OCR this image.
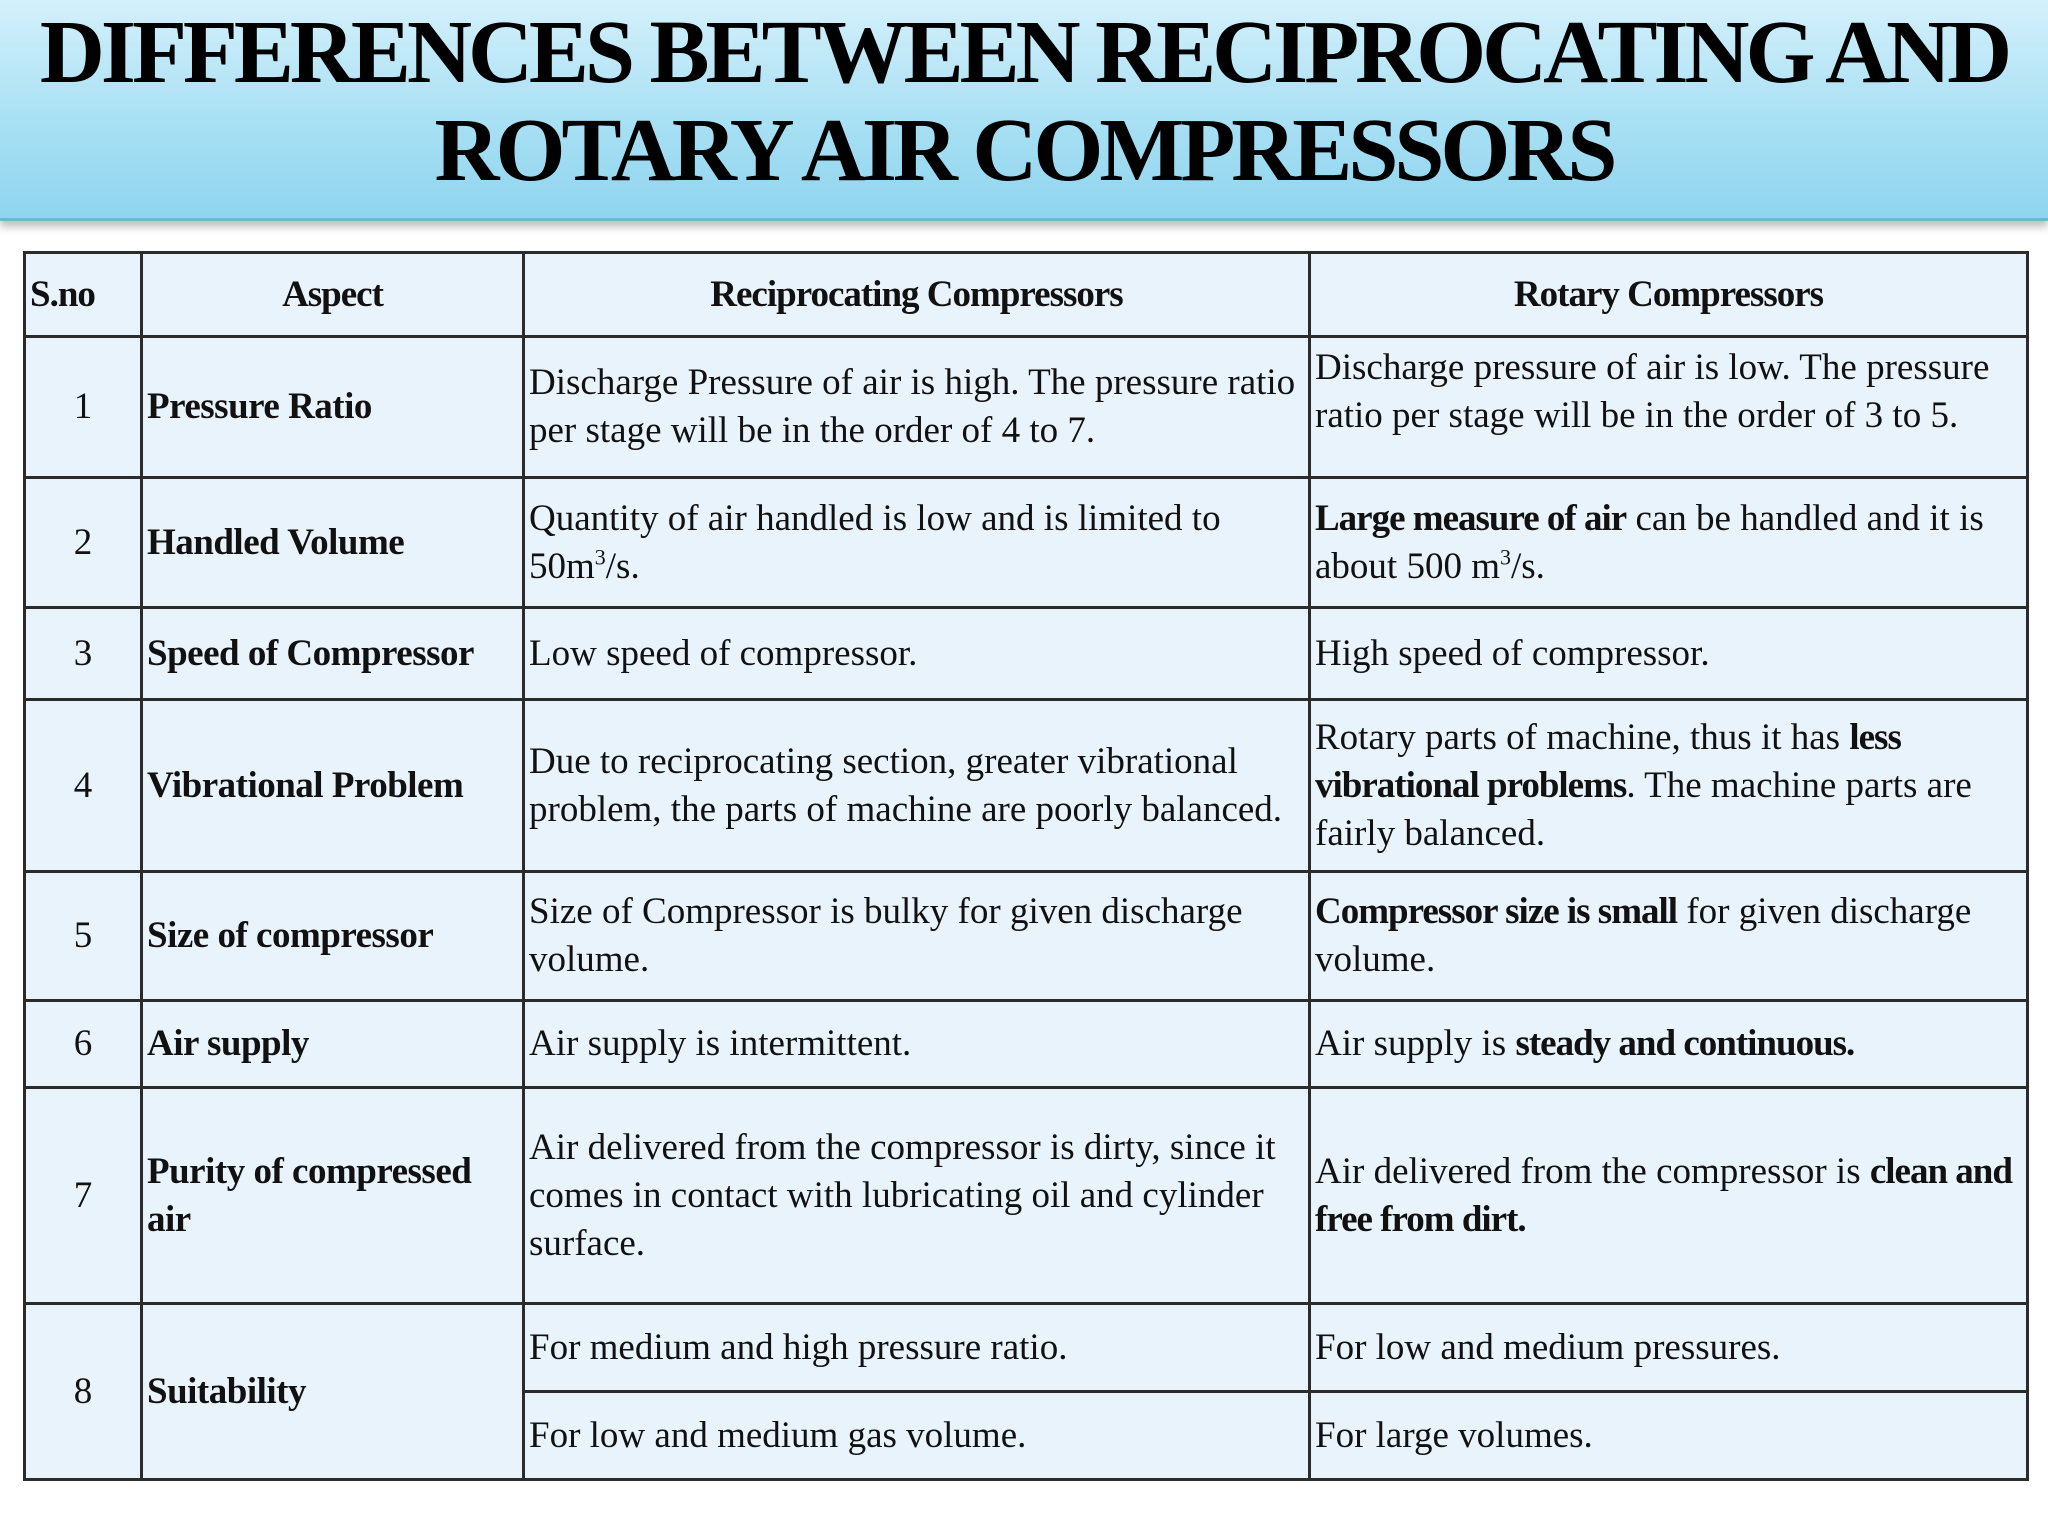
DIFFERENCES BETWEEN RECIPROCATING AND
ROTARY AIR COMPRESSORS
S.no	Aspect	Reciprocating Compressors	Rotary Compressors
1	Pressure Ratio	Discharge Pressure of air is high. The pressure ratio per stage will be in the order of 4 to 7.	Discharge pressure of air is low. The pressure ratio per stage will be in the order of 3 to 5.
2	Handled Volume	Quantity of air handled is low and is limited to $50m^3/s$.	Large measure of air can be handled and it is about 500 $m^3/s$.
3	Speed of Compressor	Low speed of compressor.	High speed of compressor.
4	Vibrational Problem	Due to reciprocating section, greater vibrational problem, the parts of machine are poorly balanced.	Rotary parts of machine, thus it has less vibrational problems. The machine parts are fairly balanced.
5	Size of compressor	Size of Compressor is bulky for given discharge volume.	Compressor size is small for given discharge volume.
6	Air supply	Air supply is intermittent.	Air supply is steady and continuous.
7	Purity of compressed air	Air delivered from the compressor is dirty, since it comes in contact with lubricating oil and cylinder surface.	Air delivered from the compressor is clean and free from dirt.
8	Suitability	For medium and high pressure ratio.	For low and medium pressures.
		For low and medium gas volume.	For large volumes.
